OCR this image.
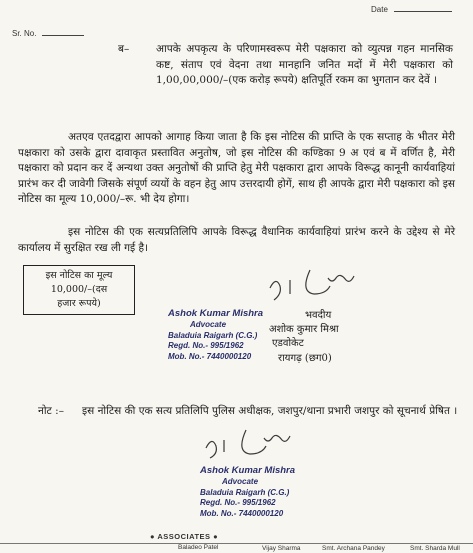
Date
Sr. No.
ब–	आपके अपकृत्य के परिणामस्वरूप मेरी पक्षकारा को व्युत्पन्न गहन मानसिक कष्ट, संताप एवं वेदना तथा मानहानि जनित मदों में मेरी पक्षकारा को 1,00,00,000/–(एक करोड़ रूपये) क्षतिपूर्ति रकम का भुगतान कर देवें ।
अतएव एतदद्वारा आपको आगाह किया जाता है कि इस नोटिस की प्राप्ति के एक सप्ताह के भीतर मेरी पक्षकारा को उसके द्वारा दावाकृत प्रस्तावित अनुतोष, जो इस नोटिस की कण्डिका 9 अ एवं ब में वर्णित है, मेरी पक्षकारा को प्रदान कर दें अन्यथा उक्त अनुतोषों की प्राप्ति हेतु मेरी पक्षकारा द्वारा आपके विरूद्ध कानूनी कार्यवाहियां प्रारंभ कर दी जावेगी जिसके संपूर्ण व्ययों के वहन हेतु आप उत्तरदायी होगें, साथ ही आपके द्वारा मेरी पक्षकारा को इस नोटिस का मूल्य 10,000/–रू. भी देय होगा।
इस नोटिस की एक सत्यप्रतिलिपि आपके विरूद्ध वैधानिक कार्यवाहियां प्रारंभ करने के उद्देश्य से मेरे कार्यालय में सुरक्षित रख ली गई है।
इस नोटिस का मूल्य
10,000/–(दस
हजार रूपये)
भवदीय
अशोक कुमार मिश्रा
एडवोकेट
रायगढ़ (छग0)
Ashok Kumar Mishra
Advocate
Baladuia Raigarh (C.G.)
Regd. No.- 995/1962
Mob. No.- 7440000120
नोट :– इस नोटिस की एक सत्य प्रतिलिपि पुलिस अधीक्षक, जशपुर/थाना प्रभारी जशपुर को सूचनार्थ प्रेषित ।
Ashok Kumar Mishra
Advocate
Baladuia Raigarh (C.G.)
Regd. No.- 995/1962
Mob. No.- 7440000120
● ASSOCIATES ●
Baladeo Patel	Vijay Sharma	Smt. Archana Pandey	Smt. Sharda Mull
